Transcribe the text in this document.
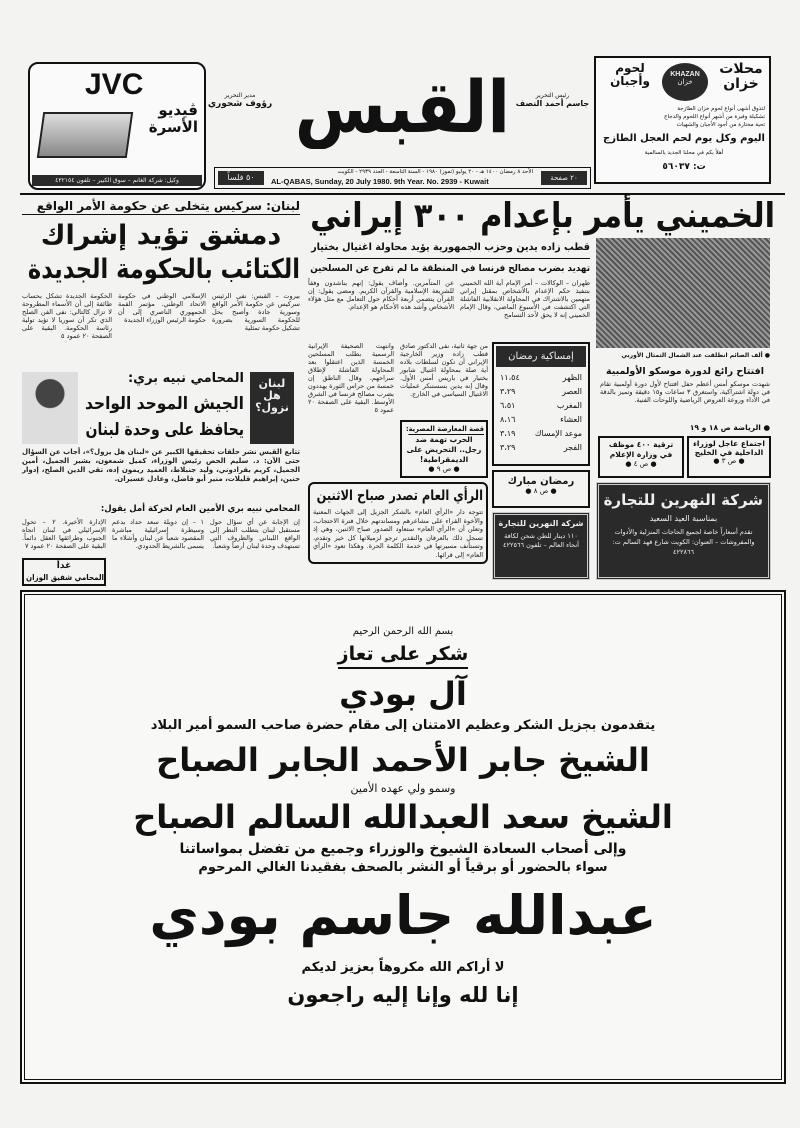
JVC
ڤيديو الأسرة
وكيل: شركة الغانم – سوق الكبير – تلفون ٤٣٢١٥٤
مدير التحرير
رؤوف شحوري القبس	رئيس التحرير
جاسم أحمد النصف
٥٠ فلساً
الأحد ٨ رمضان ١٤٠٠ هـ - ٢٠ يوليو (تموز) ١٩٨٠ - السنة التاسعة - العدد ٢٩٣٩ - الكويت
AL-QABAS, Sunday, 20 July 1980. 9th Year. No. 2939 - Kuwait	٢٠ صفحة
محلات خزان
KHAZAN
خزان
لحوم وأجبان
لتذوق أشهى أنواع لحوم خزان الطازجة
تشكيلة وفيرة من أشهر أنواع اللحوم والدجاج
تحية مختارة من أجود الأجبان والشهيات
اليوم وكل يوم لحم العجل الطازج
أهلاً بكم في محلنا الجديد بالسالمية
ت: ٥٦٠٣٧
الخميني يأمر بإعدام ٣٠٠ إيراني
قطب زاده يدين وحزب الجمهورية يؤيد محاولة اغتيال بختيار
تهديد بضرب مصالح فرنسا في المنطقة ما لم تفرج عن المسلحين
طهران – الوكالات – أمر الإمام آية الله الخميني بتنفيذ حكم الإعدام بالأشخاص بمقتل إيراني متهمين بالاشتراك في المحاولة الانقلابية الفاشلة التي اكتشفت في الأسبوع الماضي، وقال الإمام الخميني إنه لا يحق لأحد التسامح
عن المتآمرين. وأضاف يقول: إنهم يناشدون وفقاً للشريعة الإسلامية والقرآن الكريم. ومضى يقول: إن القرآن يتضمن أربعة أحكام حول التعامل مع مثل هؤلاء الأشخاص وأشد هذه الأحكام هو الإعدام.
من جهة ثانية، نفى الدكتور صادق قطب زاده وزير الخارجية الإيراني أن تكون لسلطات بلاده أية صلة بمحاولة اغتيال شابور بختيار في باريس أمس الأول. وقال إنه يدين بسستنكر عمليات الاغتيال السياسي في الخارج.
وانتهت الصحيفة الإيرانية الرسمية بطلب المسلحين الخمسة الذين اعتقلوا بعد المحاولة الفاشلة لإطلاق سراحهم، وقال الناطق إن خمسة من حراس الثورة يهددون بضرب مصالح فرنسا في الشرق الأوسط. البقية على الصفحة ٢٠ عمود ٥
● ألف الصائم انطلقت عند الشمال التمثال الأوربي
لبنان: سركيس يتخلى عن حكومة الأمر الواقع
دمشق تؤيد إشراك
الكتائب بالحكومة الجديدة
بيروت – القبس: نفى الرئيس سركيس عن حكومة الأمر الواقع وسورية جادة وأصبح بحل للحكومة السورية بضرورة تشكيل حكومة تمثلية
الإسلامي الوطني في حكومة الاتحاد الوطني. مؤتمر القمة الجمهوري الناصري إلى أن حكومة الرئيس الوزراء الجديدة
الحكومة الجديدة تشكل بحساب طائفة إلى أن الأسماء المطروحة لا تزال كالتالي: نفى الفن الصلح الذي تكر أن سوريا لا تؤيد تولية رئاسة الحكومة. البقية على الصفحة ٢٠ عمود ٥
المحامي نبيه بري:
الجيش الموحد الواحد
يحافظ على وحدة لبنان
لبنان هل نزول؟
تتابع القبس نشر حلقات تحقيقها الكبير عن «لبنان هل يزول؟»، أجاب عن السؤال حتى الآن: د. سليم الحص رئيس الوزراء، كميل شمعون، بشير الجميل، أمين الجميل، كريم بقرادوني، وليد جنبلاط، العميد ريمون إده، تقي الدين الصلح، إدوار حنين، إبراهيم قليلات، منير أبو فاضل، وعادل عسيران.
المحامي نبيه بري الأمين العام لحركة أمل يقول:
إن الإجابة عن أي سؤال حول مستقبل لبنان يتطلب النظر إلى الواقع اللبناني والظروف التي تستهدف وحدة لبنان أرضاً وشعباً.
١ – إن دويلة سعد حداد بدعم وسيطرة إسرائيلية مباشرة المقصود شعباً عن لبنان وأشلاء ما يسمى بالشريط الحدودي.
الإدارة الأخيرة. ٢ – تحول الإسرائيلي في لبنان اتجاه الجنوب وطرائقها العقل دائماً. البقية على الصفحة ٢٠ عمود ٧
غداً
المحامي شفيق الوزان
قصة المعارضة المصرية:
الحرب تهمة ضد رجل.. التحريض على الديمقراطية!
● ص ٩ ●
إمساكية رمضان
الظهر
١١،٥٤
العصر
٣،٢٩
المغرب
٦،٥١
العشاء
٨،١٦
موعد الإمساك
٣،١٩
الفجر
٣،٢٩
رمضان مبارك
● ص ٨ ●
افتتاح رائع لدورة موسكو الأولمبية
شهدت موسكو أمس أعظم حفل افتتاح لأول دورة أولمبية تقام في دولة اشتراكية، واستغرق ٣ ساعات و١٥ دقيقة وتميز بالدقة في الأداء وروعة العروض الرياضية واللوحات الفنية.
● الرياضة ص ١٨ و ١٩
اجتماع عاجل لوزراء الداخلية في الخليج
● ص ٣ ●
ترقية ٤٠٠ موظف في وزارة الإعلام
● ص ٤ ●
الرأي العام تصدر صباح الاثنين
تتوجه دار «الرأي العام» بالشكر الجزيل إلى الجهات المعنية والأخوة القراء على مشاعرهم ومساندتهم خلال فترة الاحتجاب، وتعلن أن «الرأي العام» ستعاود الصدور صباح الاثنين، وهي إذ تسجل ذلك بالعرفان والتقدير ترجو لزميلاتها كل خير وتقدم، وتستأنف مسيرتها في خدمة الكلمة الحرة. وهكذا تعود «الرأي العام» إلى قرائها.
شركة النهرين للتجارة
١١٠ دينار للطن شحن لكافة أنحاء العالم – تلفون ٤٢٢٥٦٦
شركة النهرين للتجارة
بمناسبة العيد السعيد
تقدم أسعاراً خاصة لجميع الحاجات المنزلية والأدوات والمفروشات – العنوان: الكويت شارع فهد السالم ت: ٤٢٢٨٦٦
بسم الله الرحمن الرحيم
شكر على تعاز
آل بودي
يتقدمون بجزيل الشكر وعظيم الامتنان إلى مقام حضرة صاحب السمو أمير البلاد
الشيخ جابر الأحمد الجابر الصباح
وسمو ولي عهده الأمين
الشيخ سعد العبدالله السالم الصباح
وإلى أصحاب السعادة الشيوخ والوزراء وجميع من تفضل بمواساتنا
سواء بالحضور أو برقياً أو النشر بالصحف بفقيدنا الغالي المرحوم
عبدالله جاسم بودي
لا أراكم الله مكروهاً بعزيز لديكم
إنا لله وإنا إليه راجعون
